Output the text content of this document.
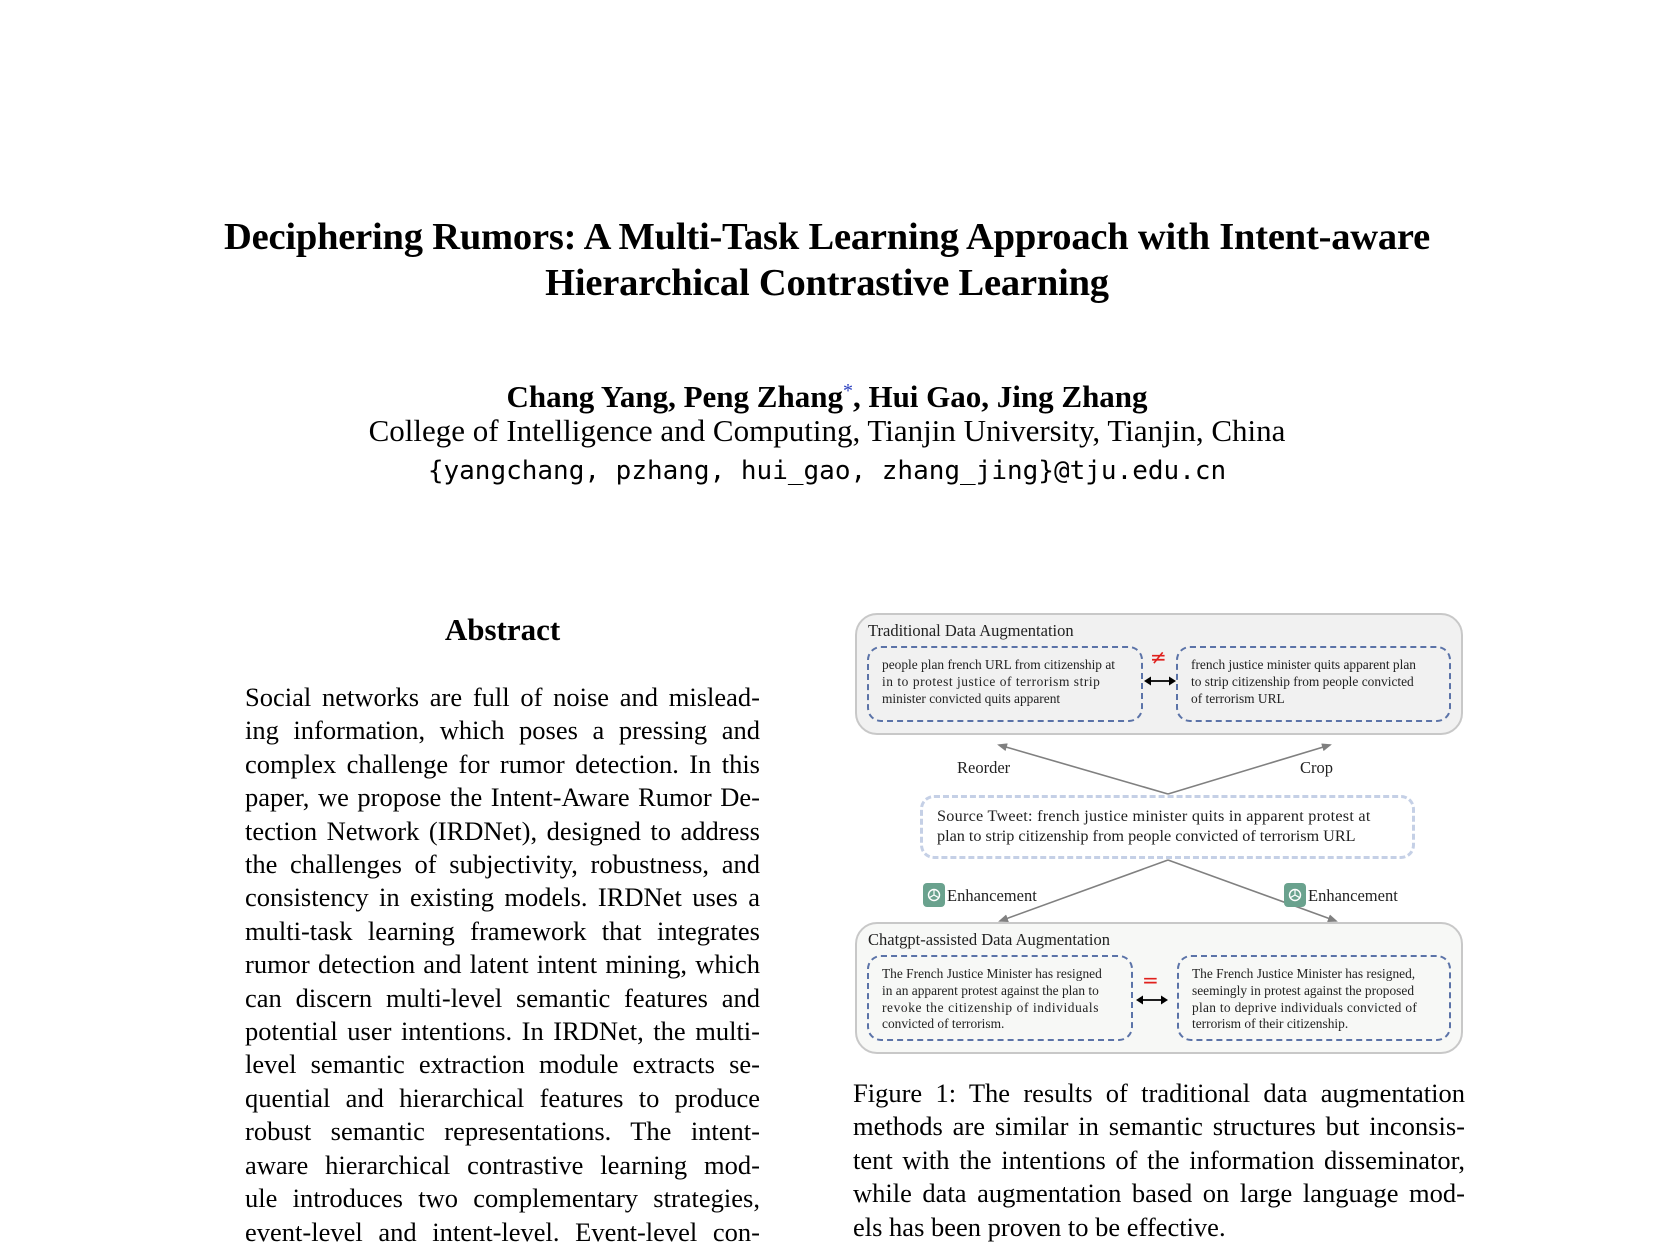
Deciphering Rumors: A Multi-Task Learning Approach with Intent-aware
Hierarchical Contrastive Learning
Chang Yang, Peng Zhang*, Hui Gao, Jing Zhang
College of Intelligence and Computing, Tianjin University, Tianjin, China
{yangchang, pzhang, hui_gao, zhang_jing}@tju.edu.cn
Abstract
Social networks are full of noise and mislead-
ing information, which poses a pressing and
complex challenge for rumor detection. In this
paper, we propose the Intent-Aware Rumor De-
tection Network (IRDNet), designed to address
the challenges of subjectivity, robustness, and
consistency in existing models. IRDNet uses a
multi-task learning framework that integrates
rumor detection and latent intent mining, which
can discern multi-level semantic features and
potential user intentions. In IRDNet, the multi-
level semantic extraction module extracts se-
quential and hierarchical features to produce
robust semantic representations. The intent-
aware hierarchical contrastive learning mod-
ule introduces two complementary strategies,
event-level and intent-level. Event-level con-
Traditional Data Augmentation
people plan french URL from citizenship at
in to protest justice of terrorism strip
minister convicted quits apparent
≠ french justice minister quits apparent plan
to strip citizenship from people convicted
of terrorism URL
Reorder	Crop
Source Tweet: french justice minister quits in apparent protest at
plan to strip citizenship from people convicted of terrorism URL
Enhancement	Enhancement
Chatgpt-assisted Data Augmentation
The French Justice Minister has resigned
in an apparent protest against the plan to
revoke the citizenship of individuals
convicted of terrorism.
= The French Justice Minister has resigned,
seemingly in protest against the proposed
plan to deprive individuals convicted of
terrorism of their citizenship.
Figure 1: The results of traditional data augmentation
methods are similar in semantic structures but inconsis-
tent with the intentions of the information disseminator,
while data augmentation based on large language mod-
els has been proven to be effective.
